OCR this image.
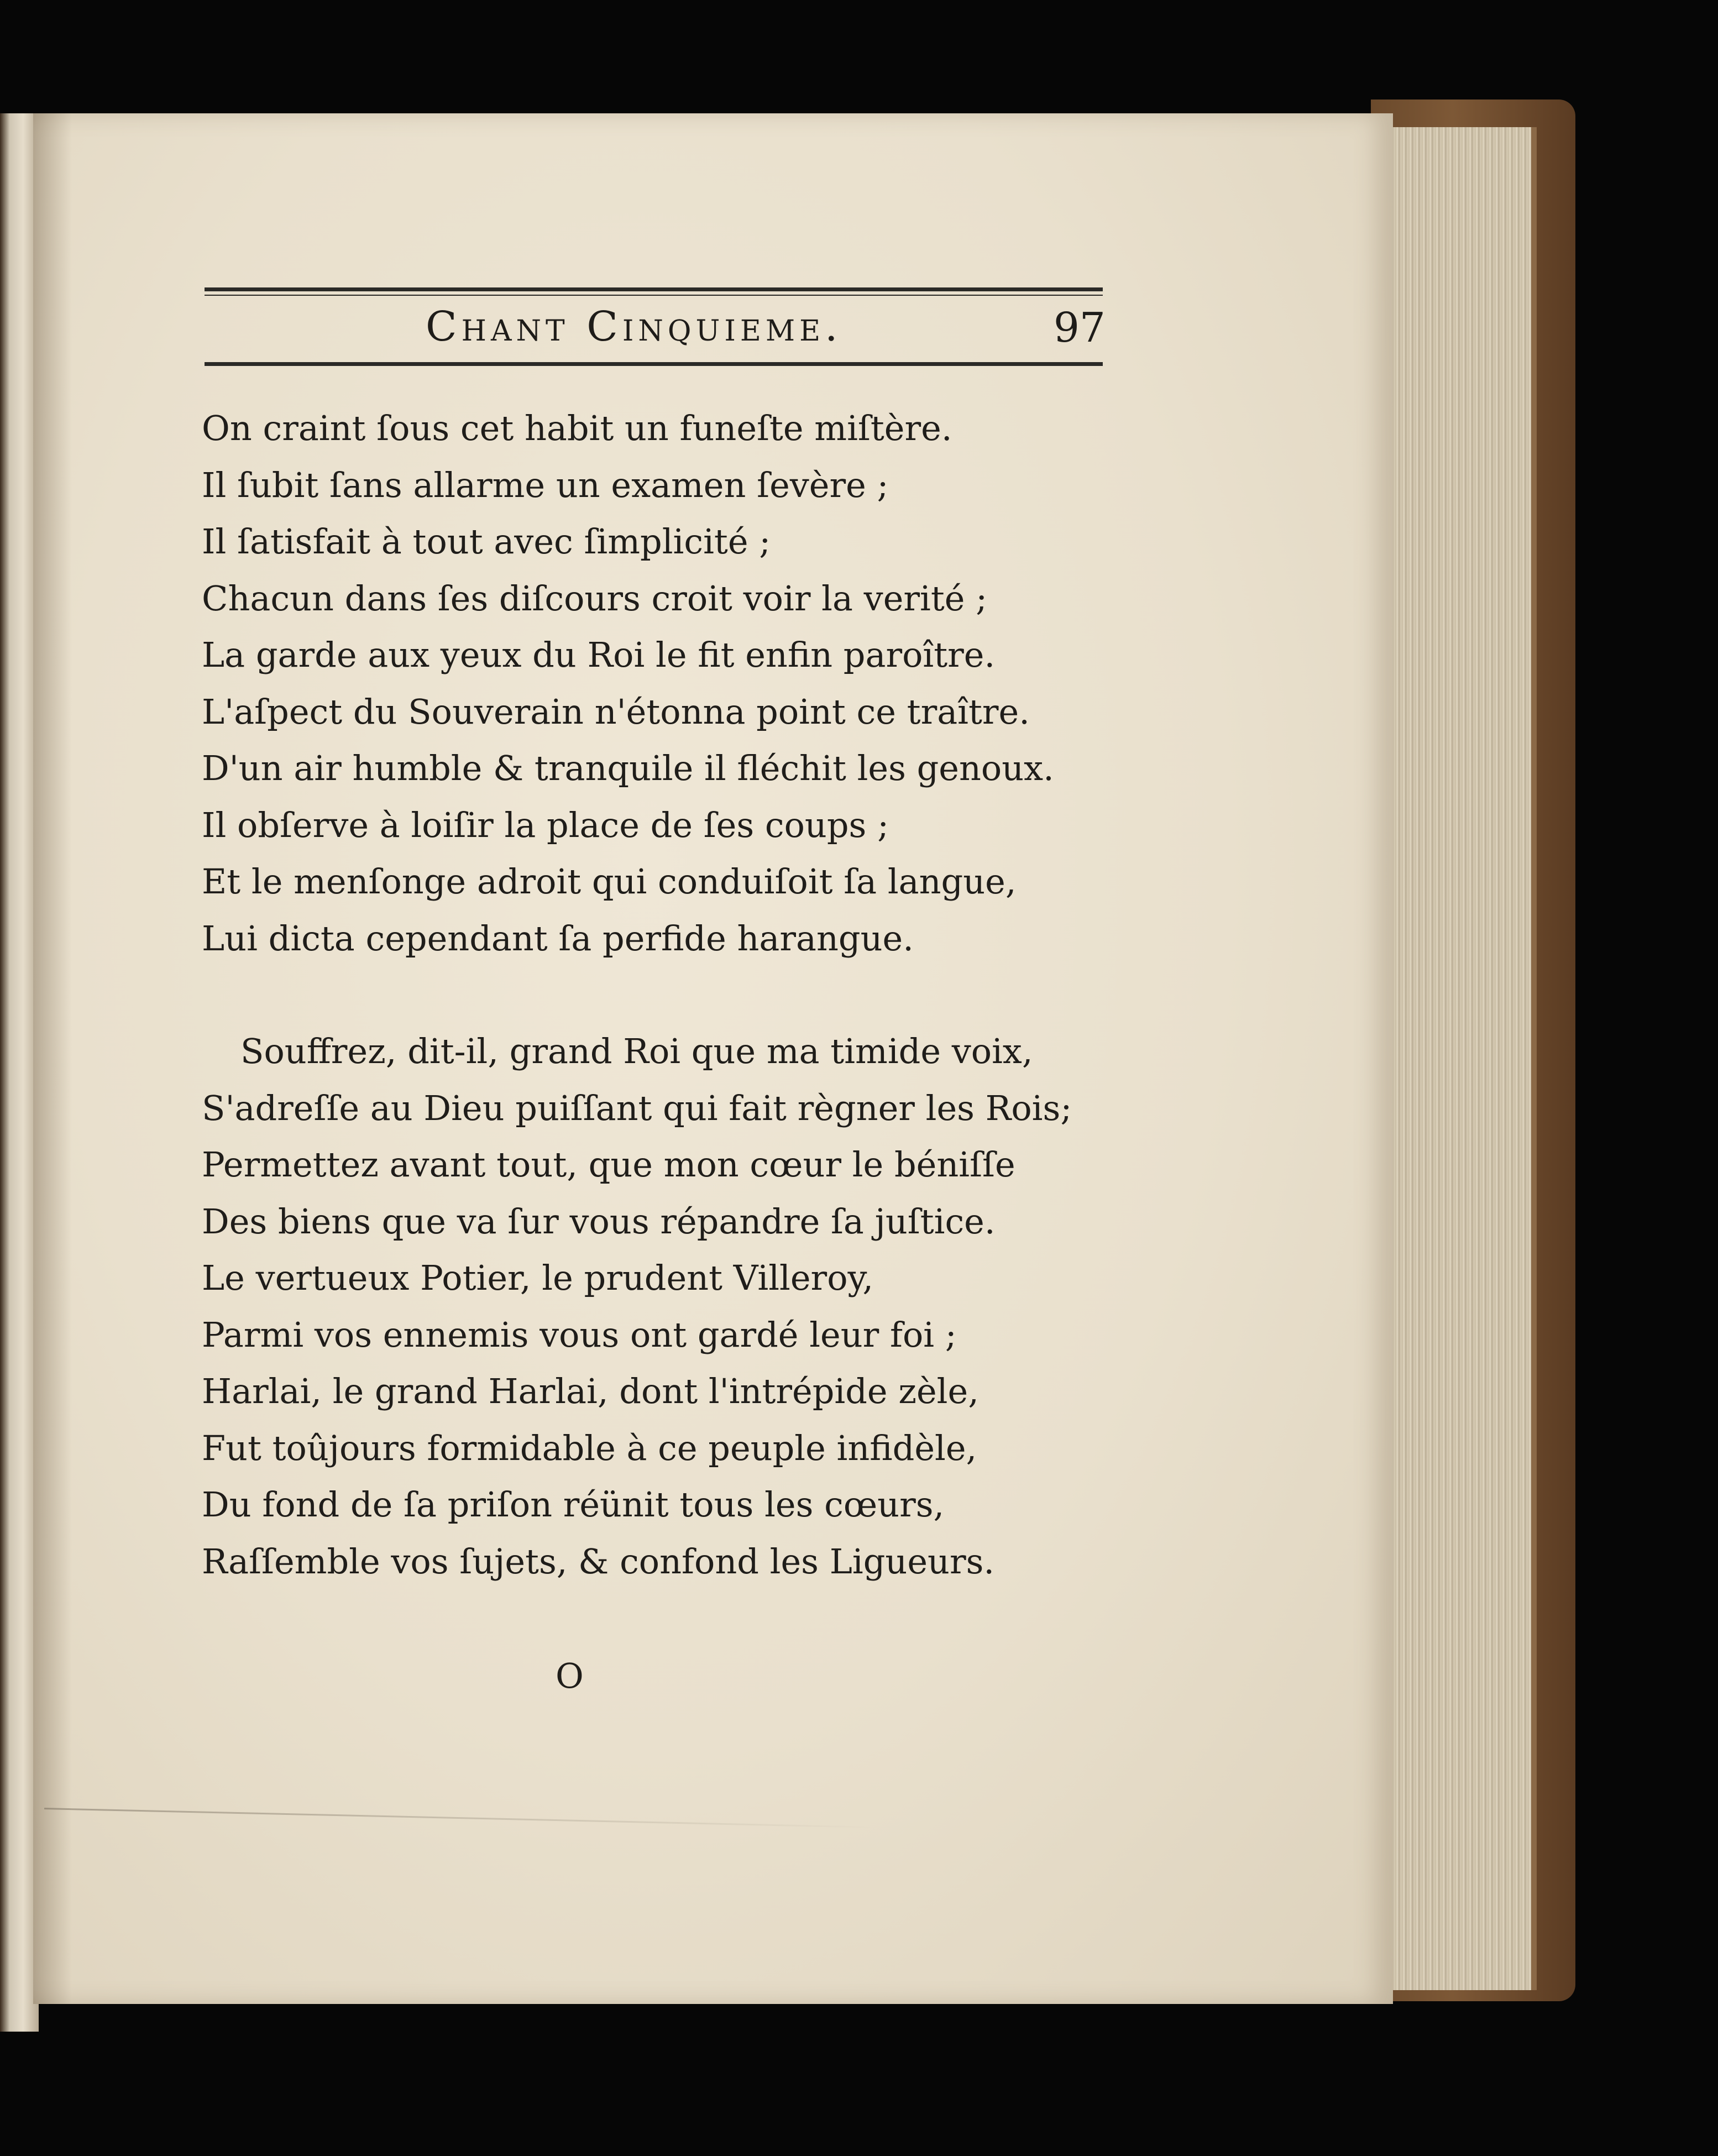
Chant Cinquieme.	97
On craint ſous cet habit un funeſte miſtère.
Il ſubit ſans allarme un examen ſevère ;
Il ſatisfait à tout avec ſimplicité ;
Chacun dans ſes diſcours croit voir la verité ;
La garde aux yeux du Roi le fit enfin paroître.
L'aſpect du Souverain n'étonna point ce traître.
D'un air humble & tranquile il fléchit les genoux.
Il obſerve à loiſir la place de ſes coups ;
Et le menſonge adroit qui conduiſoit ſa langue,
Lui dicta cependant ſa perfide harangue.
Souffrez, dit-il, grand Roi que ma timide voix,
S'adreſſe au Dieu puiſſant qui fait règner les Rois;
Permettez avant tout, que mon cœur le béniſſe
Des biens que va ſur vous répandre ſa juſtice.
Le vertueux Potier, le prudent Villeroy,
Parmi vos ennemis vous ont gardé leur foi ;
Harlai, le grand Harlai, dont l'intrépide zèle,
Fut toûjours formidable à ce peuple infidèle,
Du fond de ſa priſon réünit tous les cœurs,
Raſſemble vos ſujets, & confond les Ligueurs.
O
